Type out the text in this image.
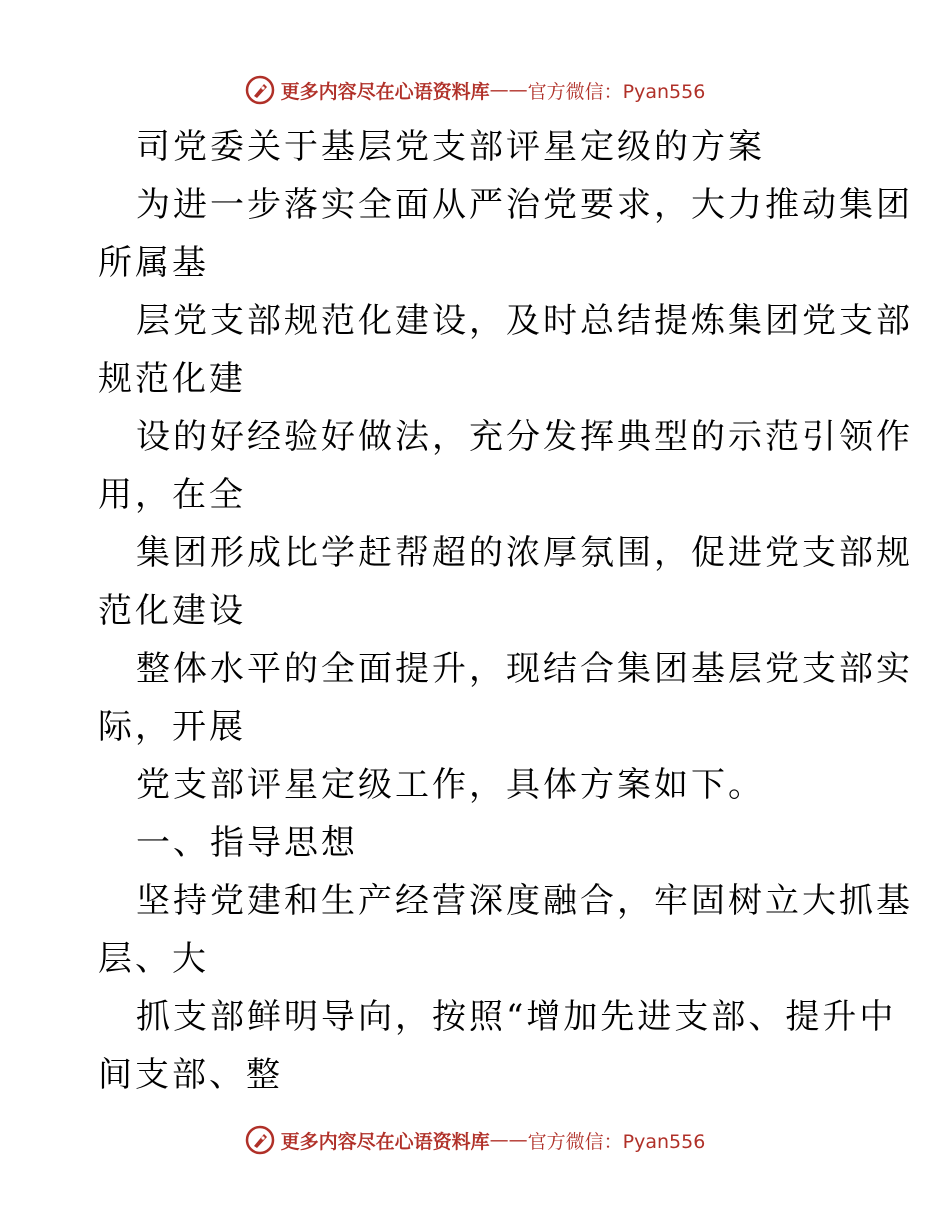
更多内容尽在心语资料库 —— 官方微信：Pyan556
司党委关于基层党支部评星定级的方案
为进一步落实全面从严治党要求，大力推动集团
所属基
层党支部规范化建设，及时总结提炼集团党支部
规范化建
设的好经验好做法，充分发挥典型的示范引领作
用，在全
集团形成比学赶帮超的浓厚氛围，促进党支部规
范化建设
整体水平的全面提升，现结合集团基层党支部实
际，开展
党支部评星定级工作，具体方案如下。
一、指导思想
坚持党建和生产经营深度融合，牢固树立大抓基
层、大
抓支部鲜明导向，按照“增加先进支部、提升中
间支部、整
更多内容尽在心语资料库 —— 官方微信：Pyan556
